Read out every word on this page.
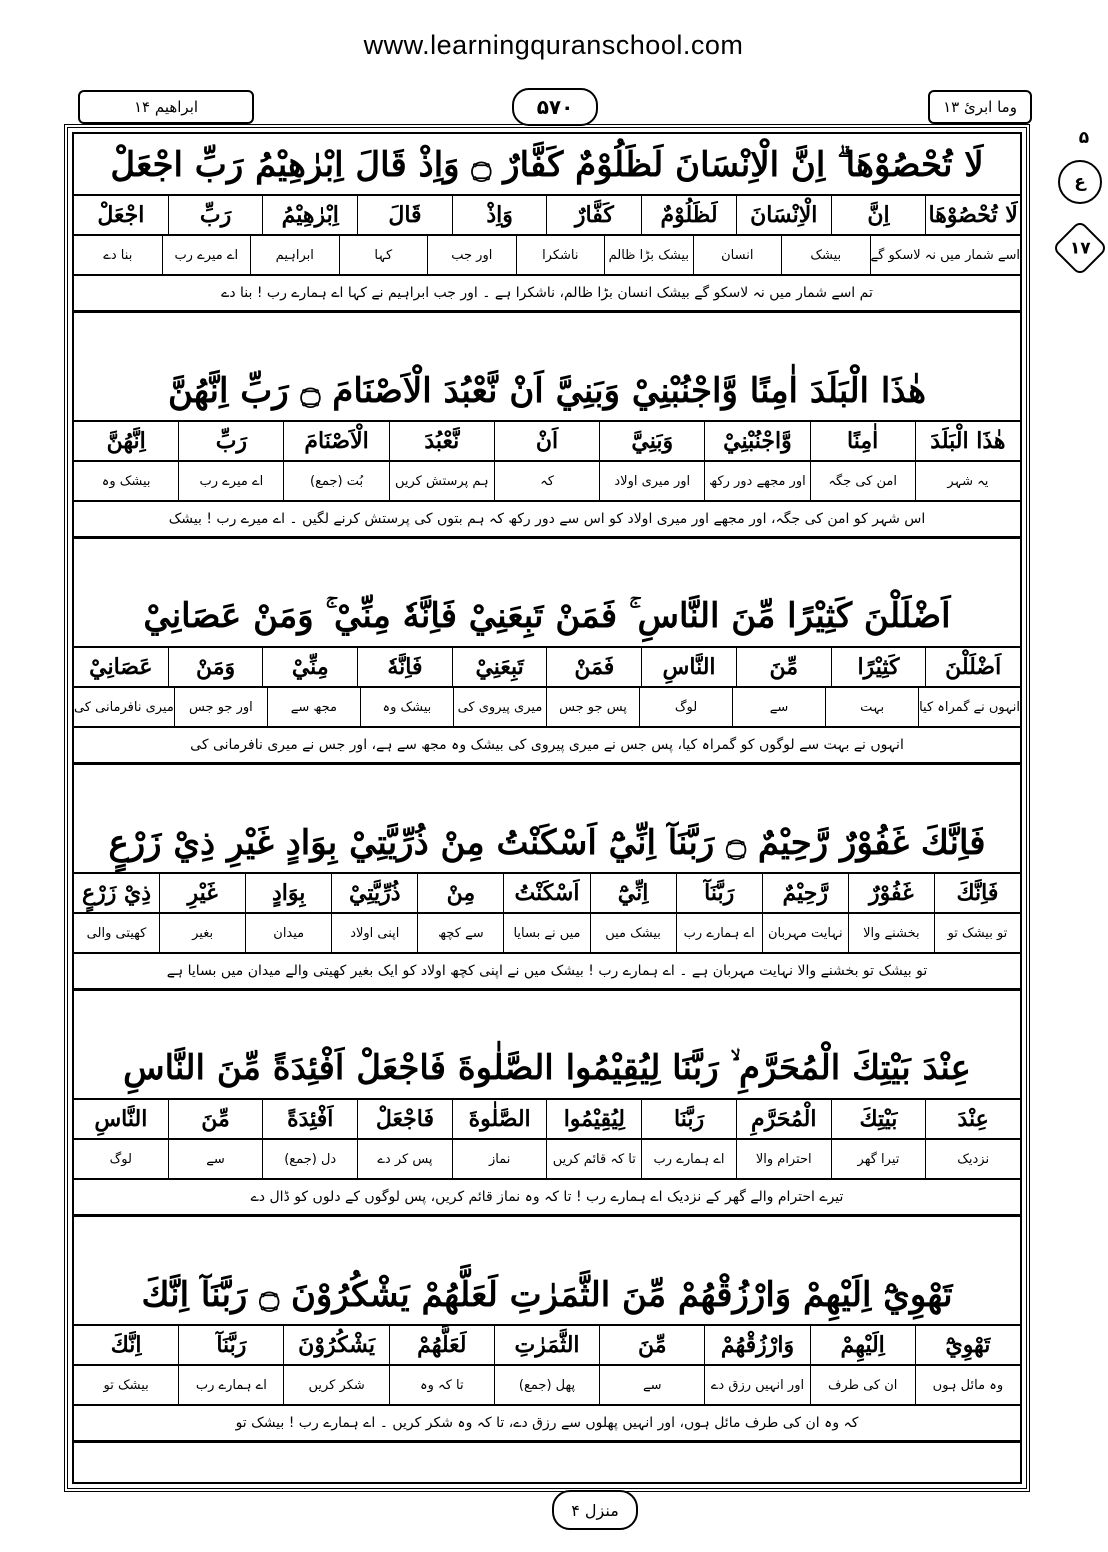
www.learningquranschool.com
ابراھیم ۱۴	۵۷۰	وما ابرئ ۱۳
۵
ع
۱۷
لَا تُحْصُوْهَا ۗ اِنَّ الْاِنْسَانَ لَظَلُوْمٌ كَفَّارٌ ۝ وَاِذْ قَالَ اِبْرٰهِيْمُ رَبِّ اجْعَلْ
لَا تُحْصُوْهَا
اِنَّ
الْاِنْسَانَ
لَظَلُوْمٌ
كَفَّارٌ
وَاِذْ
قَالَ
اِبْرٰهِيْمُ
رَبِّ
اجْعَلْ
اسے شمار میں نہ لاسکو گے
بیشک
انسان
بیشک بڑا ظالم
ناشکرا
اور جب
کہا
ابراہیم
اے میرے رب
بنا دے
تم اسے شمار میں نہ لاسکو گے بیشک انسان بڑا ظالم، ناشکرا ہے ۔ اور جب ابراہیم نے کہا اے ہمارے رب ! بنا دے
هٰذَا الْبَلَدَ اٰمِنًا وَّاجْنُبْنِيْ وَبَنِيَّ اَنْ نَّعْبُدَ الْاَصْنَامَ ۝ رَبِّ اِنَّهُنَّ
هٰذَا الْبَلَدَ
اٰمِنًا
وَّاجْنُبْنِيْ
وَبَنِيَّ
اَنْ
نَّعْبُدَ
الْاَصْنَامَ
رَبِّ
اِنَّهُنَّ
یہ شہر
امن کی جگہ
اور مجھے دور رکھ
اور میری اولاد
کہ
ہم پرستش کریں
بُت (جمع)
اے میرے رب
بیشک وہ
اس شہر کو امن کی جگہ، اور مجھے اور میری اولاد کو اس سے دور رکھ کہ ہم بتوں کی پرستش کرنے لگیں ۔ اے میرے رب ! بیشک
اَضْلَلْنَ كَثِيْرًا مِّنَ النَّاسِ ۚ فَمَنْ تَبِعَنِيْ فَاِنَّهٗ مِنِّيْ ۚ وَمَنْ عَصَانِيْ
اَضْلَلْنَ
كَثِيْرًا
مِّنَ
النَّاسِ
فَمَنْ
تَبِعَنِيْ
فَاِنَّهٗ
مِنِّيْ
وَمَنْ
عَصَانِيْ
انہوں نے گمراہ کیا
بہت
سے
لوگ
پس جو جس
میری پیروی کی
بیشک وہ
مجھ سے
اور جو جس
میری نافرمانی کی
انہوں نے بہت سے لوگوں کو گمراہ کیا، پس جس نے میری پیروی کی بیشک وہ مجھ سے ہے، اور جس نے میری نافرمانی کی
فَاِنَّكَ غَفُوْرٌ رَّحِيْمٌ ۝ رَبَّنَآ اِنِّيْٓ اَسْكَنْتُ مِنْ ذُرِّيَّتِيْ بِوَادٍ غَيْرِ ذِيْ زَرْعٍ
فَاِنَّكَ
غَفُوْرٌ
رَّحِيْمٌ
رَبَّنَآ
اِنِّيْٓ
اَسْكَنْتُ
مِنْ
ذُرِّيَّتِيْ
بِوَادٍ
غَيْرِ
ذِيْ زَرْعٍ
تو بیشک تو
بخشنے والا
نہایت مہربان
اے ہمارے رب
بیشک میں
میں نے بسایا
سے کچھ
اپنی اولاد
میدان
بغیر
کھیتی والی
تو بیشک تو بخشنے والا نہایت مہربان ہے ۔ اے ہمارے رب ! بیشک میں نے اپنی کچھ اولاد کو ایک بغیر کھیتی والے میدان میں بسایا ہے
عِنْدَ بَيْتِكَ الْمُحَرَّمِ ۙ رَبَّنَا لِيُقِيْمُوا الصَّلٰوةَ فَاجْعَلْ اَفْئِدَةً مِّنَ النَّاسِ
عِنْدَ
بَيْتِكَ
الْمُحَرَّمِ
رَبَّنَا
لِيُقِيْمُوا
الصَّلٰوةَ
فَاجْعَلْ
اَفْئِدَةً
مِّنَ
النَّاسِ
نزدیک
تیرا گھر
احترام والا
اے ہمارے رب
تا کہ قائم کریں
نماز
پس کر دے
دل (جمع)
سے
لوگ
تیرے احترام والے گھر کے نزدیک اے ہمارے رب ! تا کہ وہ نماز قائم کریں، پس لوگوں کے دلوں کو ڈال دے
تَهْوِيْٓ اِلَيْهِمْ وَارْزُقْهُمْ مِّنَ الثَّمَرٰتِ لَعَلَّهُمْ يَشْكُرُوْنَ ۝ رَبَّنَآ اِنَّكَ
تَهْوِيْٓ
اِلَيْهِمْ
وَارْزُقْهُمْ
مِّنَ
الثَّمَرٰتِ
لَعَلَّهُمْ
يَشْكُرُوْنَ
رَبَّنَآ
اِنَّكَ
وہ مائل ہوں
ان کی طرف
اور انہیں رزق دے
سے
پھل (جمع)
تا کہ وہ
شکر کریں
اے ہمارے رب
بیشک تو
کہ وہ ان کی طرف مائل ہوں، اور انہیں پھلوں سے رزق دے، تا کہ وہ شکر کریں ۔ اے ہمارے رب ! بیشک تو
منزل ۴
